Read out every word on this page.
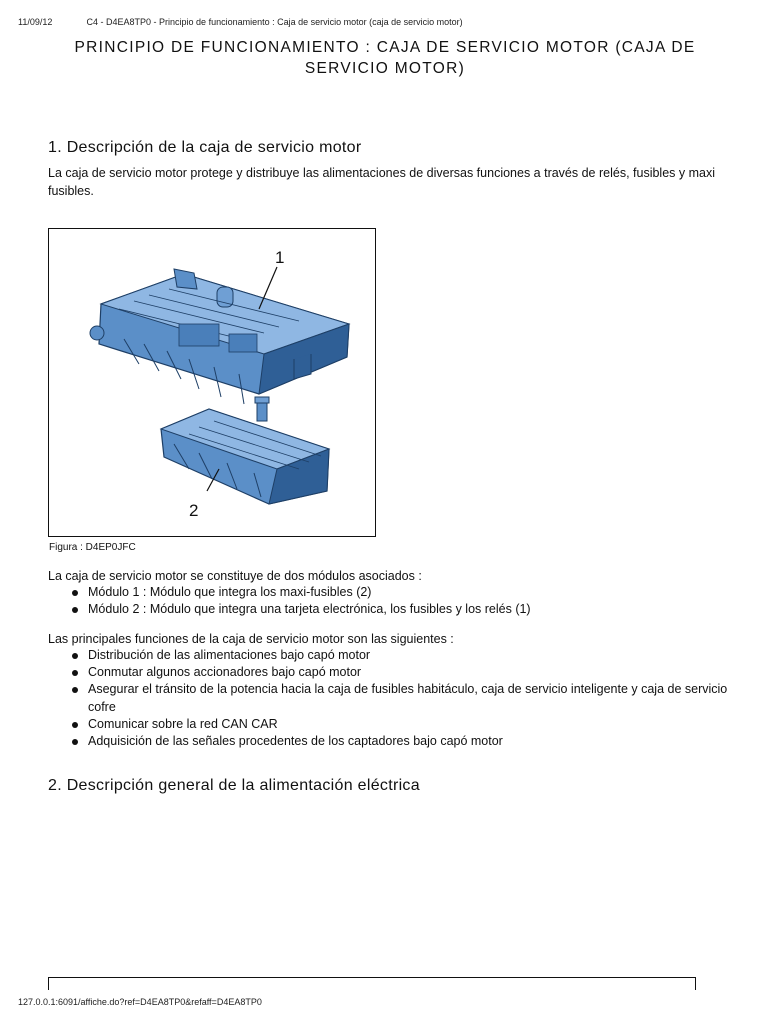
11/09/12	C4 - D4EA8TP0 - Principio de funcionamiento : Caja de servicio motor (caja de servicio motor)
PRINCIPIO DE FUNCIONAMIENTO : CAJA DE SERVICIO MOTOR (CAJA DE SERVICIO MOTOR)
1. Descripción de la caja de servicio motor
La caja de servicio motor protege y distribuye las alimentaciones de diversas funciones a través de relés, fusibles y maxi fusibles.
1
2
Figura : D4EP0JFC
La caja de servicio motor se constituye de dos módulos asociados :
Módulo 1 : Módulo que integra los maxi-fusibles (2)
Módulo 2 : Módulo que integra una tarjeta electrónica, los fusibles y los relés (1)
Las principales funciones de la caja de servicio motor son las siguientes :
Distribución de las alimentaciones bajo capó motor
Conmutar algunos accionadores bajo capó motor
Asegurar el tránsito de la potencia hacia la caja de fusibles habitáculo, caja de servicio inteligente y caja de servicio cofre
Comunicar sobre la red CAN CAR
Adquisición de las señales procedentes de los captadores bajo capó motor
2. Descripción general de la alimentación eléctrica
127.0.0.1:6091/affiche.do?ref=D4EA8TP0&refaff=D4EA8TP0
